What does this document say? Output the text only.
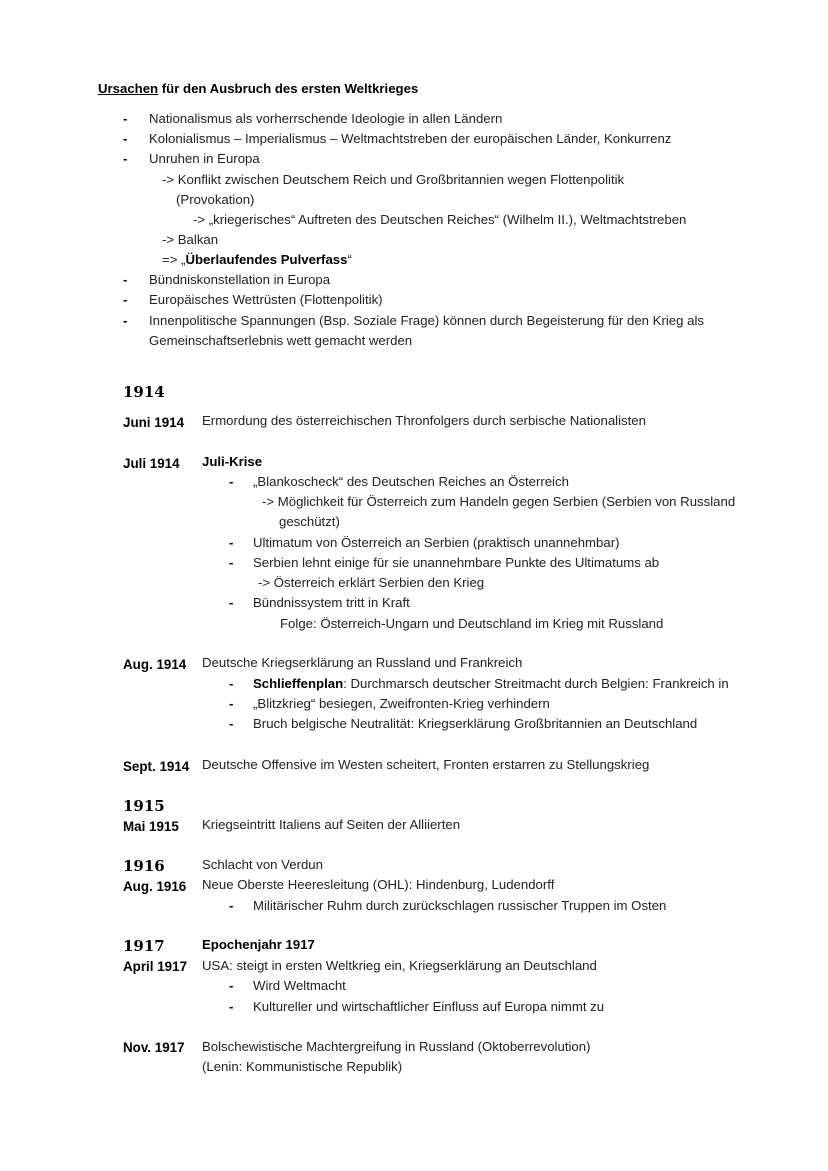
Ursachen für den Ausbruch des ersten Weltkrieges
- Nationalismus als vorherrschende Ideologie in allen Ländern
- Kolonialismus – Imperialismus – Weltmachtstreben der europäischen Länder, Konkurrenz
- Unruhen in Europa
-> Konflikt zwischen Deutschem Reich und Großbritannien wegen Flottenpolitik
(Provokation)
-> „kriegerisches“ Auftreten des Deutschen Reiches“ (Wilhelm II.), Weltmachtstreben
-> Balkan
=> „Überlaufendes Pulverfass“
- Bündniskonstellation in Europa
- Europäisches Wettrüsten (Flottenpolitik)
- Innenpolitische Spannungen (Bsp. Soziale Frage) können durch Begeisterung für den Krieg als
Gemeinschaftserlebnis wett gemacht werden
1914
Juni 1914 Ermordung des österreichischen Thronfolgers durch serbische Nationalisten
Juli 1914 Juli-Krise
- „Blankoscheck“ des Deutschen Reiches an Österreich
-> Möglichkeit für Österreich zum Handeln gegen Serbien (Serbien von Russland
geschützt)
- Ultimatum von Österreich an Serbien (praktisch unannehmbar)
- Serbien lehnt einige für sie unannehmbare Punkte des Ultimatums ab
-> Österreich erklärt Serbien den Krieg
- Bündnissystem tritt in Kraft
Folge: Österreich-Ungarn und Deutschland im Krieg mit Russland
Aug. 1914 Deutsche Kriegserklärung an Russland und Frankreich
- Schlieffenplan: Durchmarsch deutscher Streitmacht durch Belgien: Frankreich in
- „Blitzkrieg“ besiegen, Zweifronten-Krieg verhindern
- Bruch belgische Neutralität: Kriegserklärung Großbritannien an Deutschland
Sept. 1914 Deutsche Offensive im Westen scheitert, Fronten erstarren zu Stellungskrieg
1915
Mai 1915 Kriegseintritt Italiens auf Seiten der Alliierten
1916	Schlacht von Verdun
Aug. 1916 Neue Oberste Heeresleitung (OHL): Hindenburg, Ludendorff
- Militärischer Ruhm durch zurückschlagen russischer Truppen im Osten
1917	Epochenjahr 1917
April 1917 USA: steigt in ersten Weltkrieg ein, Kriegserklärung an Deutschland
- Wird Weltmacht
- Kultureller und wirtschaftlicher Einfluss auf Europa nimmt zu
Nov. 1917 Bolschewistische Machtergreifung in Russland (Oktoberrevolution)
(Lenin: Kommunistische Republik)
